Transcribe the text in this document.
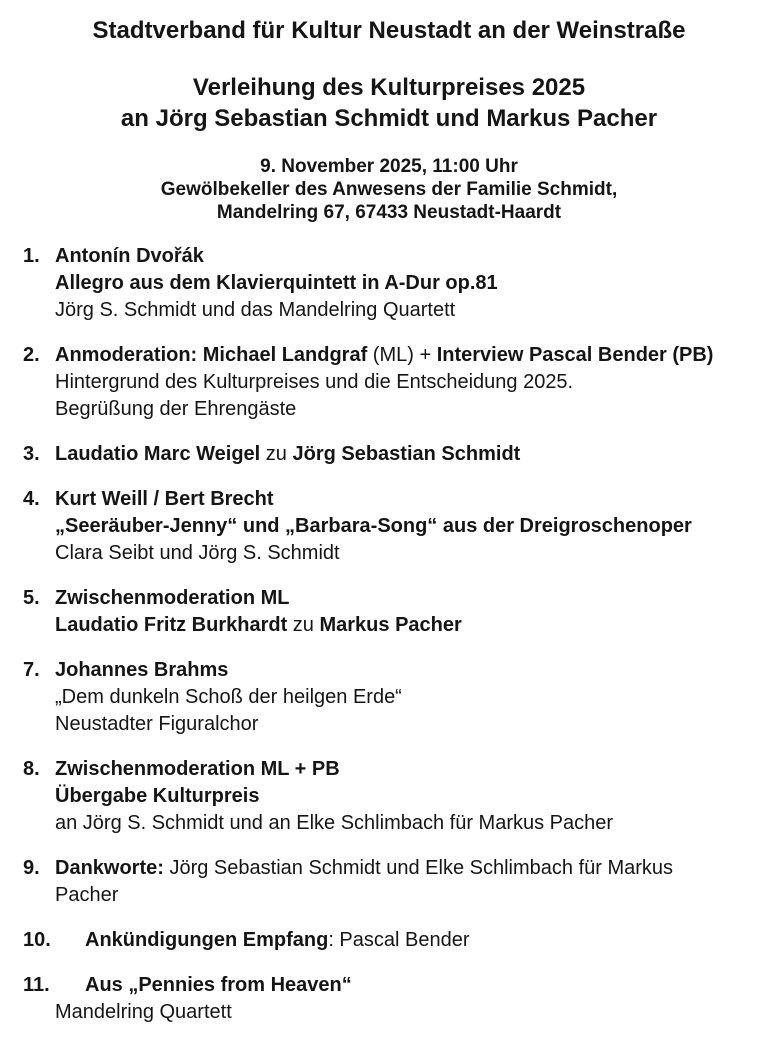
Stadtverband für Kultur Neustadt an der Weinstraße
Verleihung des Kulturpreises 2025
an Jörg Sebastian Schmidt und Markus Pacher
9. November 2025, 11:00 Uhr
Gewölbekeller des Anwesens der Familie Schmidt,
Mandelring 67, 67433 Neustadt-Haardt
1. Antonín Dvořák
Allegro aus dem Klavierquintett in A-Dur op.81
Jörg S. Schmidt und das Mandelring Quartett
2. Anmoderation: Michael Landgraf (ML) + Interview Pascal Bender (PB)
Hintergrund des Kulturpreises und die Entscheidung 2025.
Begrüßung der Ehrengäste
3. Laudatio Marc Weigel zu Jörg Sebastian Schmidt
4. Kurt Weill / Bert Brecht
„Seeräuber-Jenny“ und „Barbara-Song“ aus der Dreigroschenoper
Clara Seibt und Jörg S. Schmidt
5. Zwischenmoderation ML
Laudatio Fritz Burkhardt zu Markus Pacher
7. Johannes Brahms
„Dem dunkeln Schoß der heilgen Erde“
Neustadter Figuralchor
8. Zwischenmoderation ML + PB
Übergabe Kulturpreis
an Jörg S. Schmidt und an Elke Schlimbach für Markus Pacher
9. Dankworte: Jörg Sebastian Schmidt und Elke Schlimbach für Markus
Pacher
10.	Ankündigungen Empfang: Pascal Bender
11.	Aus „Pennies from Heaven“
Mandelring Quartett
